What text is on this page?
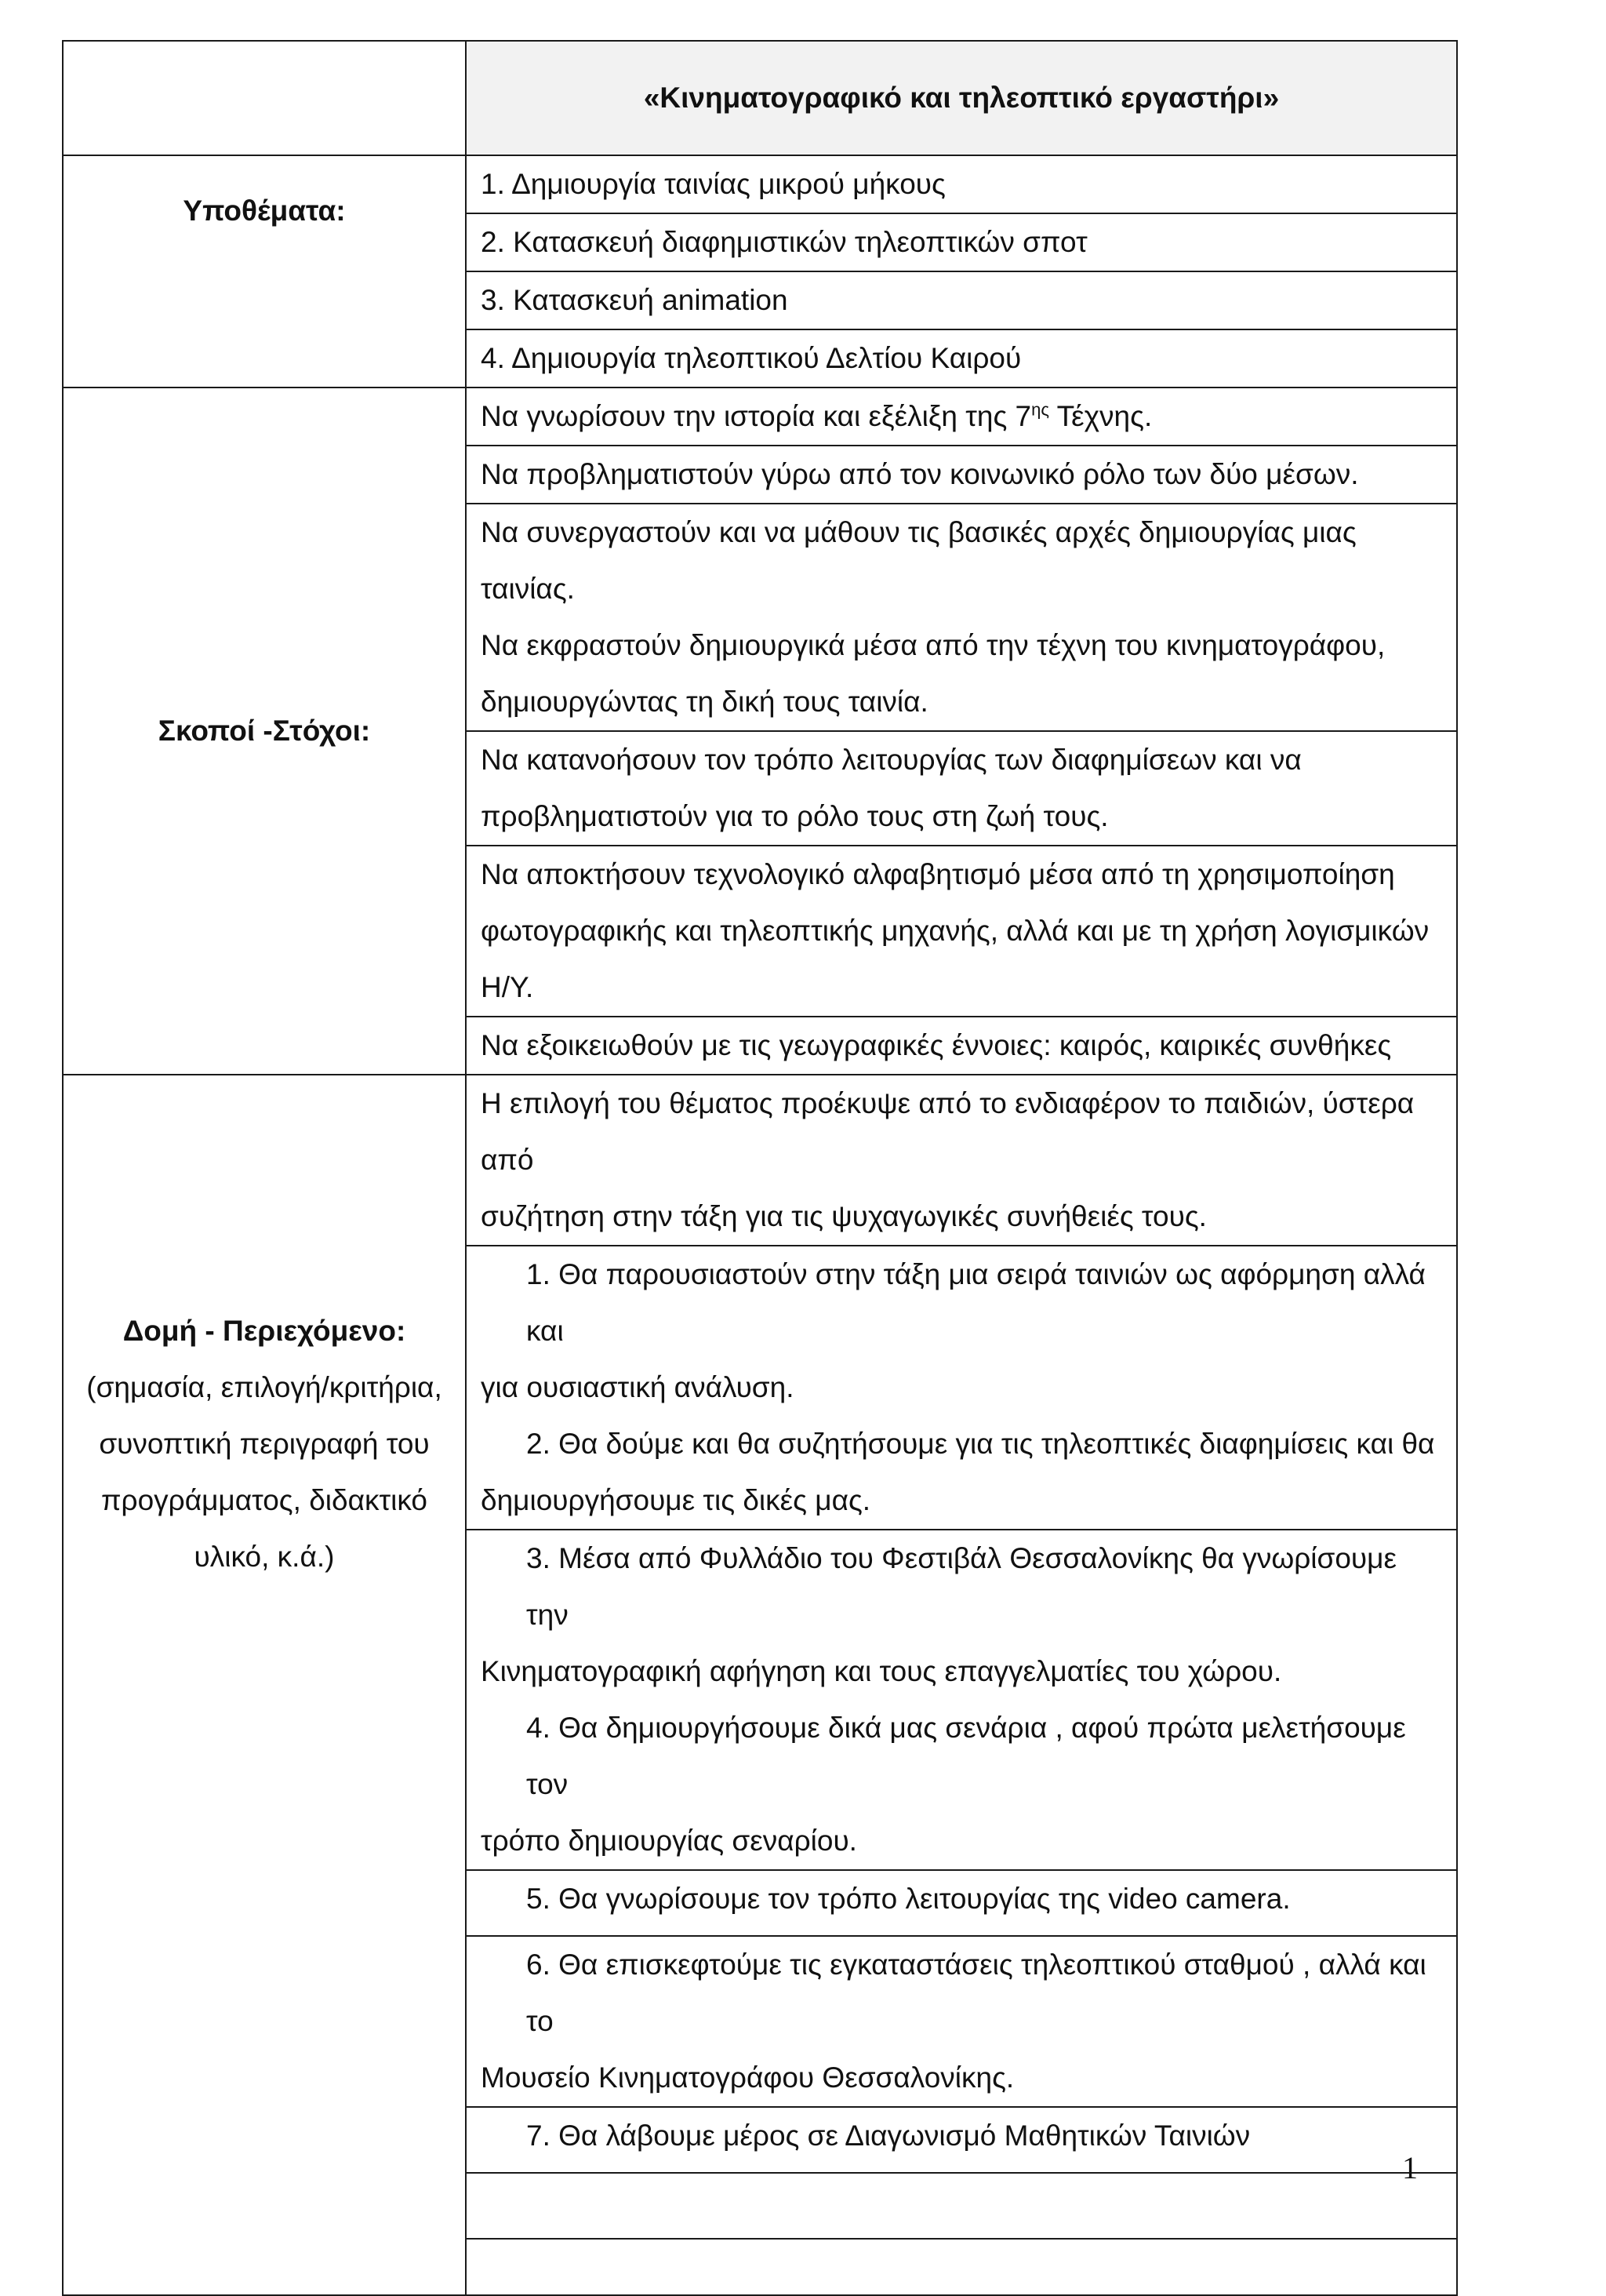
«Κινηματογραφικό και τηλεοπτικό εργαστήρι»
Υποθέματα:
1. Δημιουργία ταινίας μικρού μήκους
2. Κατασκευή διαφημιστικών τηλεοπτικών σποτ
3. Κατασκευή animation
4. Δημιουργία τηλεοπτικού Δελτίου Καιρού
Σκοποί -Στόχοι:
Να γνωρίσουν την ιστορία και εξέλιξη της $7^{\eta\varsigma}$ Τέχνης.
Να προβληματιστούν γύρω από τον κοινωνικό ρόλο των δύο μέσων.
Να συνεργαστούν και να μάθουν τις βασικές αρχές δημιουργίας μιας ταινίας.
Να εκφραστούν δημιουργικά μέσα από την τέχνη του κινηματογράφου,
δημιουργώντας τη δική τους ταινία.
Να κατανοήσουν τον τρόπο λειτουργίας των διαφημίσεων και να
προβληματιστούν για το ρόλο τους στη ζωή τους.
Να αποκτήσουν τεχνολογικό αλφαβητισμό μέσα από τη χρησιμοποίηση
φωτογραφικής και τηλεοπτικής μηχανής, αλλά και με τη χρήση λογισμικών Η/Υ.
Να εξοικειωθούν με τις γεωγραφικές έννοιες: καιρός, καιρικές συνθήκες
Δομή - Περιεχόμενο:
(σημασία, επιλογή/κριτήρια,
συνοπτική περιγραφή του
προγράμματος, διδακτικό
υλικό, κ.ά.)
Η επιλογή του θέματος προέκυψε από το ενδιαφέρον το παιδιών, ύστερα από
συζήτηση στην τάξη για τις ψυχαγωγικές συνήθειές τους.
1. Θα παρουσιαστούν στην τάξη μια σειρά ταινιών ως αφόρμηση αλλά και
για ουσιαστική ανάλυση.
2. Θα δούμε και θα συζητήσουμε για τις τηλεοπτικές διαφημίσεις και θα
δημιουργήσουμε τις δικές μας.
3. Μέσα από Φυλλάδιο του Φεστιβάλ Θεσσαλονίκης θα γνωρίσουμε την
Κινηματογραφική αφήγηση και τους επαγγελματίες του χώρου.
4. Θα δημιουργήσουμε δικά μας σενάρια , αφού πρώτα μελετήσουμε τον
τρόπο δημιουργίας σεναρίου.
5. Θα γνωρίσουμε τον τρόπο λειτουργίας της video camera.
6. Θα επισκεφτούμε τις εγκαταστάσεις τηλεοπτικού σταθμού , αλλά και το
Μουσείο Κινηματογράφου Θεσσαλονίκης.
7. Θα λάβουμε μέρος σε Διαγωνισμό Μαθητικών Ταινιών
1
